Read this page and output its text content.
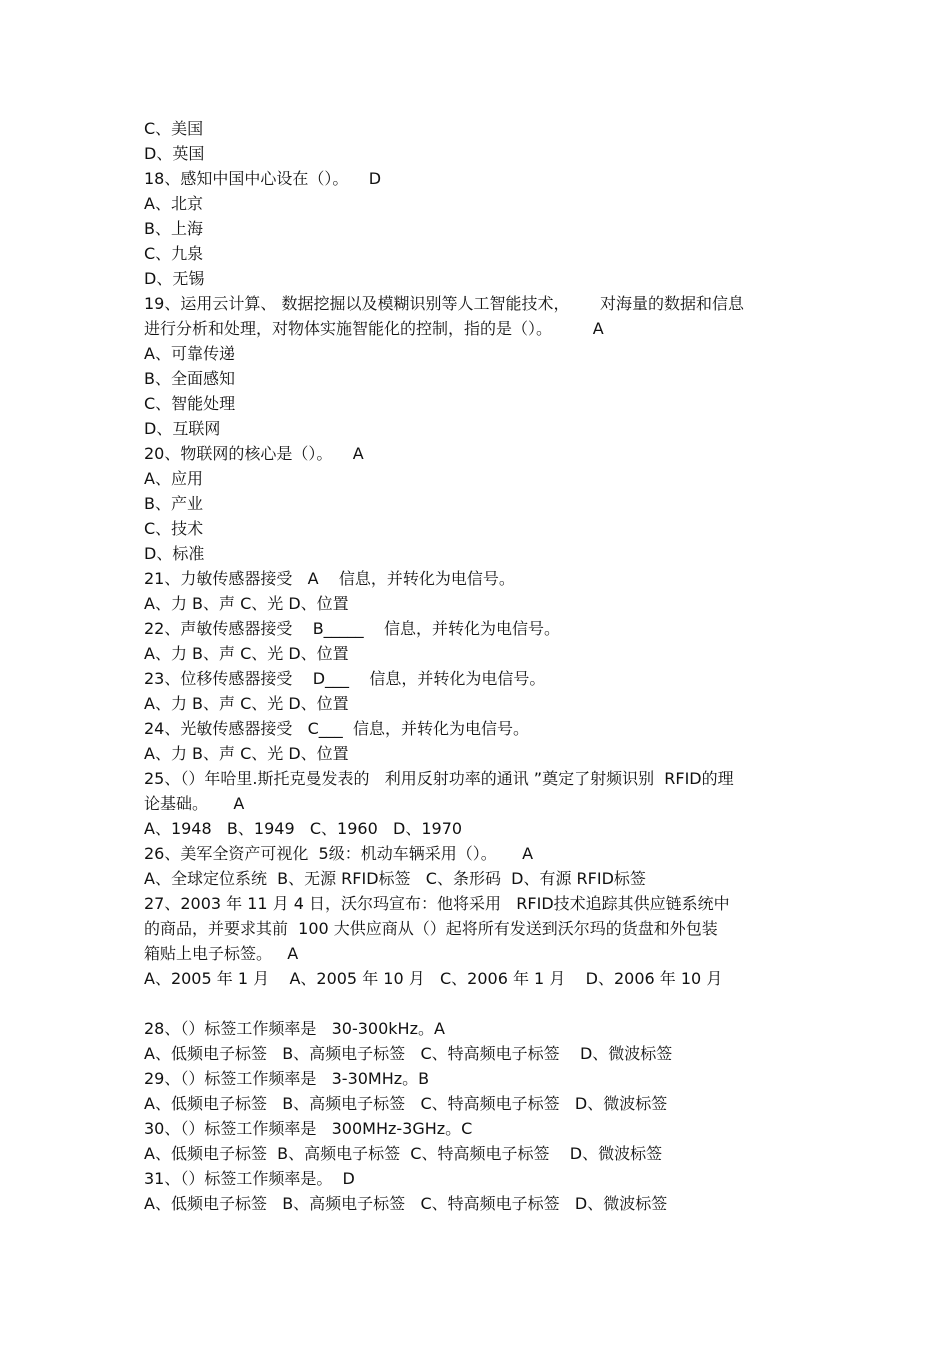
C、美国
D、英国
18、感知中国中心设在（）。    D
A、北京
B、上海
C、九泉
D、无锡
19、运用云计算、 数据挖掘以及模糊识别等人工智能技术，      对海量的数据和信息
进行分析和处理，对物体实施智能化的控制，指的是（）。        A
A、可靠传递
B、全面感知
C、智能处理
D、互联网
20、物联网的核心是（）。    A
A、应用
B、产业
C、技术
D、标准
21、力敏传感器接受   A    信息，并转化为电信号。
A、力 B、声 C、光 D、位置
22、声敏传感器接受    B_____    信息，并转化为电信号。
A、力 B、声 C、光 D、位置
23、位移传感器接受    D___    信息，并转化为电信号。
A、力 B、声 C、光 D、位置
24、光敏传感器接受   C___  信息，并转化为电信号。
A、力 B、声 C、光 D、位置
25、（）年哈里.斯托克曼发表的   利用反射功率的通讯 ”奠定了射频识别  RFID的理
论基础。     A
A、1948   B、1949   C、1960   D、1970
26、美军全资产可视化  5级：机动车辆采用（）。     A
A、全球定位系统  B、无源 RFID标签   C、条形码  D、有源 RFID标签
27、2003 年 11 月 4 日，沃尔玛宣布：他将采用   RFID技术追踪其供应链系统中
的商品，并要求其前  100 大供应商从（）起将所有发送到沃尔玛的货盘和外包装
箱贴上电子标签。   A
A、2005 年 1 月    A、2005 年 10 月   C、2006 年 1 月    D、2006 年 10 月
28、（）标签工作频率是   30-300kHz。A
A、低频电子标签   B、高频电子标签   C、特高频电子标签    D、微波标签
29、（）标签工作频率是   3-30MHz。B
A、低频电子标签   B、高频电子标签   C、特高频电子标签   D、微波标签
30、（）标签工作频率是   300MHz-3GHz。C
A、低频电子标签  B、高频电子标签  C、特高频电子标签    D、微波标签
31、（）标签工作频率是。  D
A、低频电子标签   B、高频电子标签   C、特高频电子标签   D、微波标签
